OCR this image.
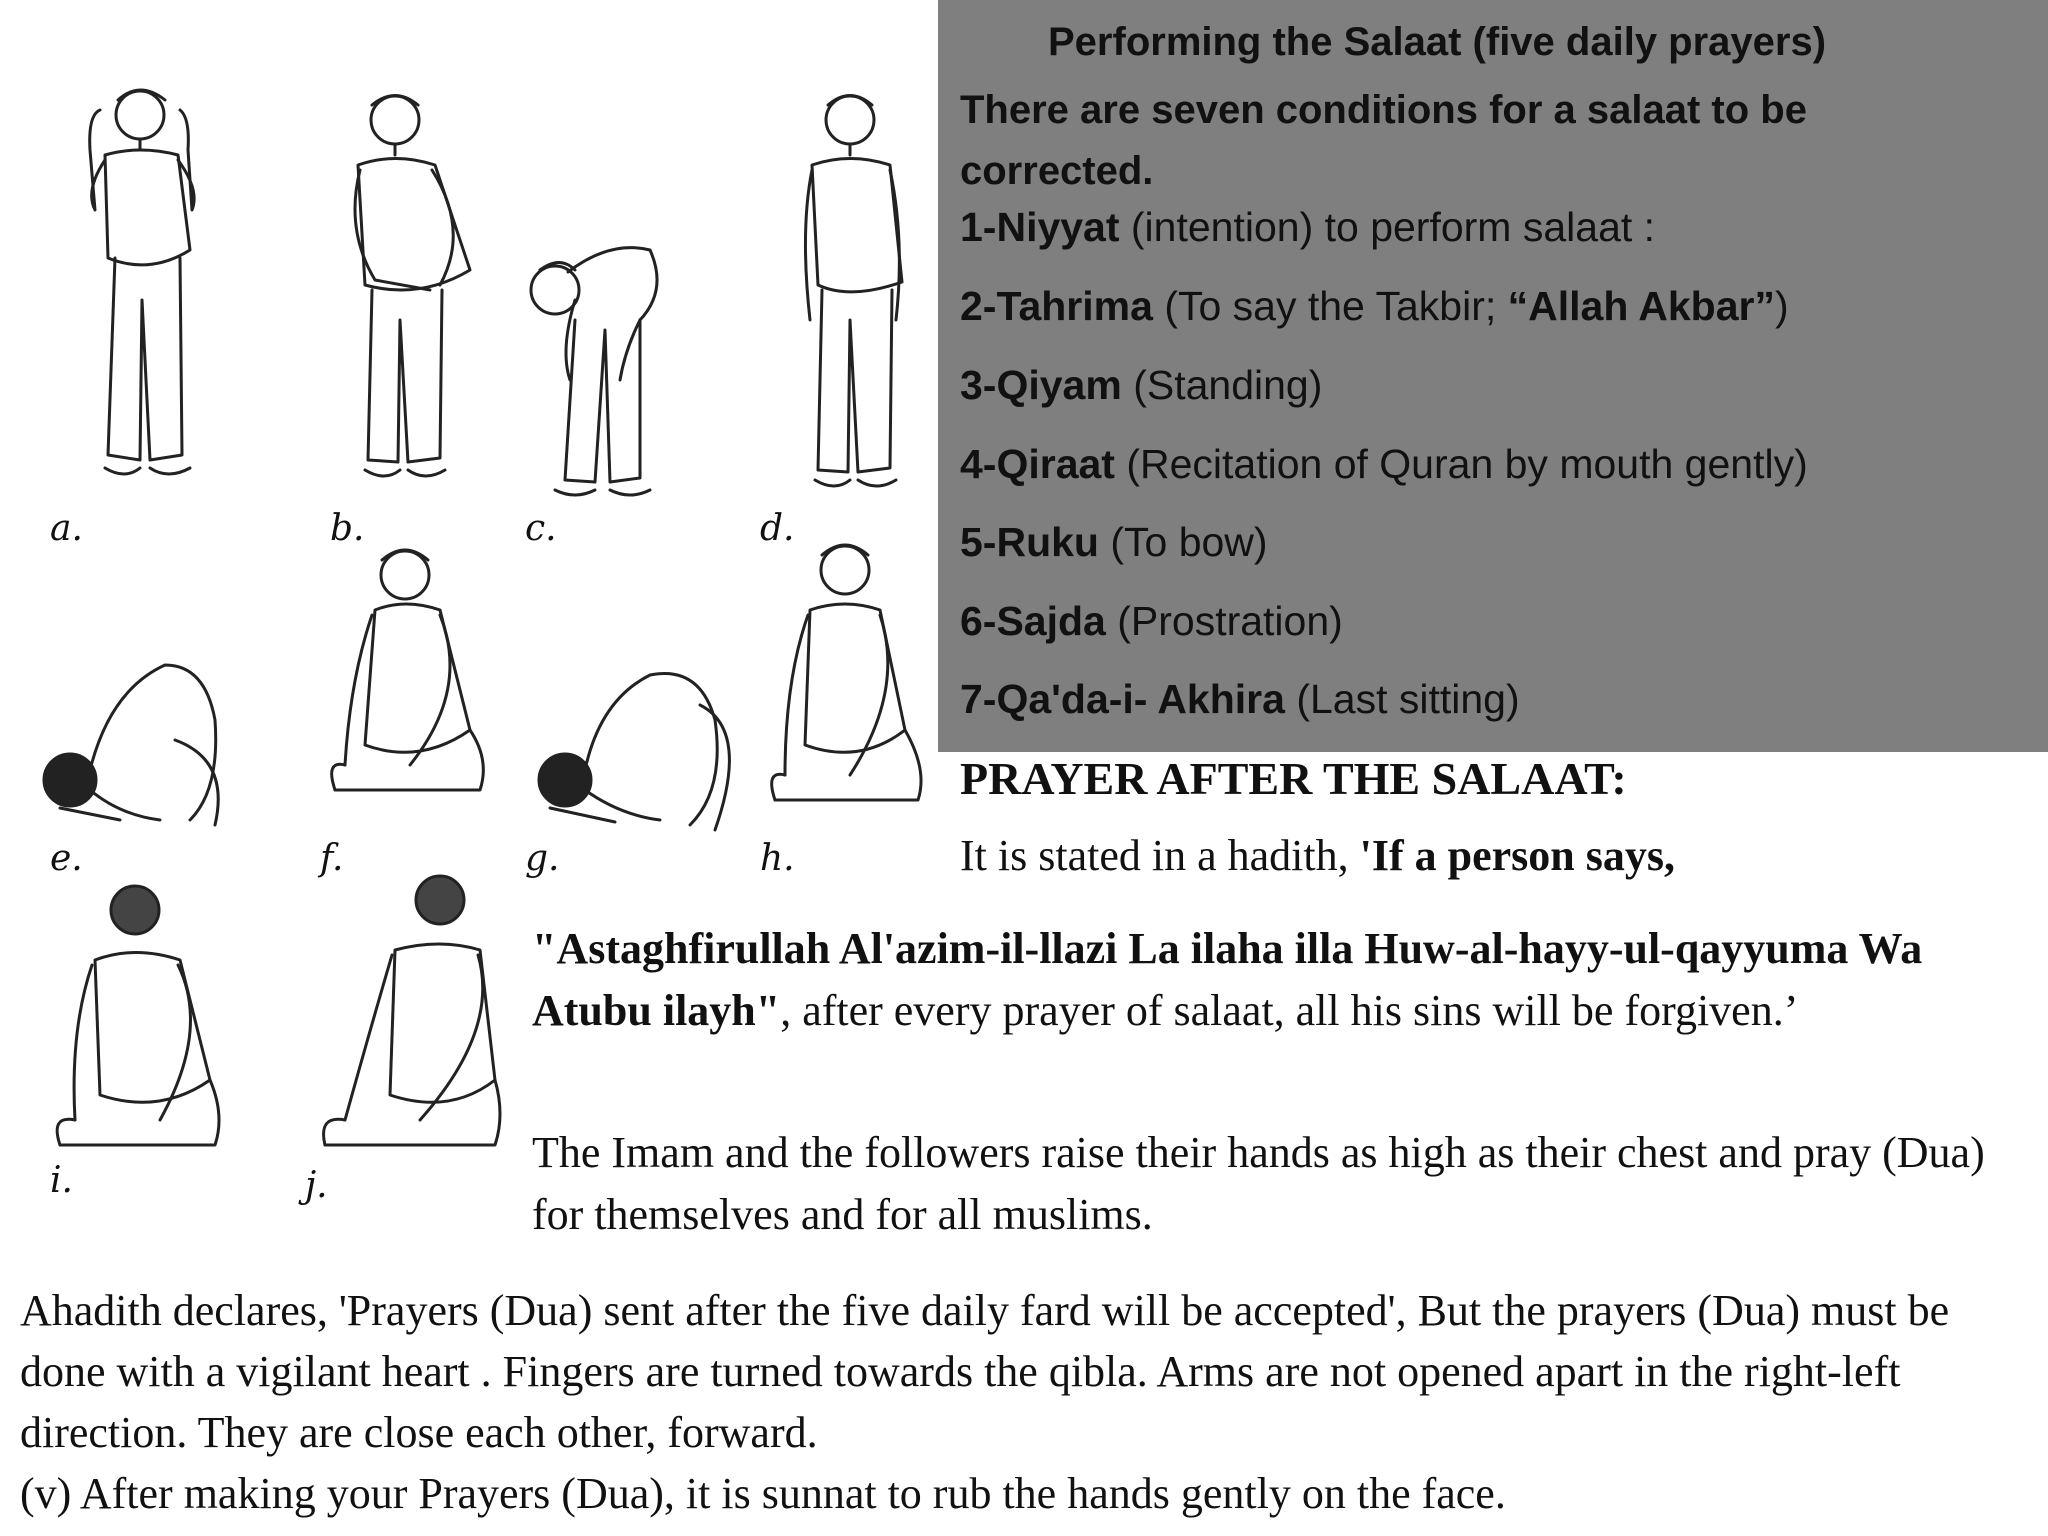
Performing the Salaat (five daily prayers)
There are seven conditions for a salaat to be corrected.
1-Niyyat (intention) to perform salaat :
2-Tahrima (To say the Takbir; “Allah Akbar”)
3-Qiyam (Standing)
4-Qiraat (Recitation of Quran by mouth gently)
5-Ruku (To bow)
6-Sajda (Prostration)
7-Qa'da-i- Akhira (Last sitting)
a.	b.	c.	d.
e.	f.	g.	h.
i.	j.
PRAYER AFTER THE SALAAT:
It is stated in a hadith, 'If a person says,
"Astaghfirullah Al'azim-il-llazi La ilaha illa Huw-al-hayy-ul-qayyuma Wa Atubu ilayh", after every prayer of salaat, all his sins will be forgiven.’
The Imam and the followers raise their hands as high as their chest and pray (Dua) for themselves and for all muslims.
Ahadith declares, 'Prayers (Dua) sent after the five daily fard will be accepted', But the prayers (Dua) must be done with a vigilant heart . Fingers are turned towards the qibla. Arms are not opened apart in the right-left direction. They are close each other, forward.
(v) After making your Prayers (Dua), it is sunnat to rub the hands gently on the face.
